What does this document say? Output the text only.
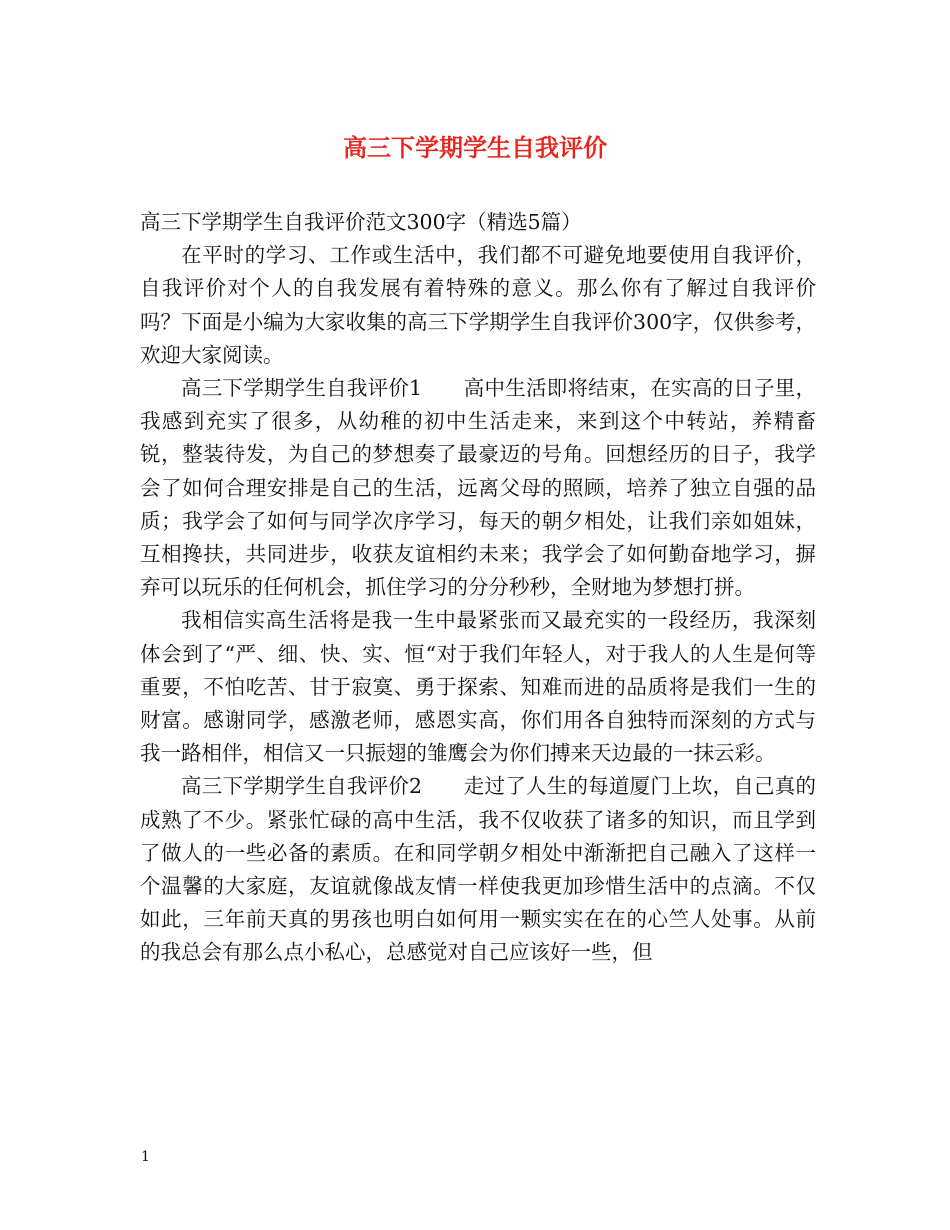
高三下学期学生自我评价

高三下学期学生自我评价范文300字（精选5篇）

在平时的学习、工作或生活中，我们都不可避免地要使用自我评价，自我评价对个人的自我发展有着特殊的意义。那么你有了解过自我评价吗？下面是小编为大家收集的高三下学期学生自我评价300字，仅供参考，欢迎大家阅读。

高三下学期学生自我评价1　　高中生活即将结束，在实高的日子里，我感到充实了很多，从幼稚的初中生活走来，来到这个中转站，养精畜锐，整装待发，为自己的梦想奏了最豪迈的号角。回想经历的日子，我学会了如何合理安排是自己的生活，远离父母的照顾，培养了独立自强的品质；我学会了如何与同学次序学习，每天的朝夕相处，让我们亲如姐妹，互相搀扶，共同进步，收获友谊相约未来；我学会了如何勤奋地学习，摒弃可以玩乐的任何机会，抓住学习的分分秒秒，全财地为梦想打拼。

我相信实高生活将是我一生中最紧张而又最充实的一段经历，我深刻体会到了“严、细、快、实、恒“对于我们年轻人，对于我人的人生是何等重要，不怕吃苦、甘于寂寞、勇于探索、知难而进的品质将是我们一生的财富。感谢同学，感激老师，感恩实高，你们用各自独特而深刻的方式与我一路相伴，相信又一只振翅的雏鹰会为你们搏来天边最的一抹云彩。

高三下学期学生自我评价2　　走过了人生的每道厦门上坎，自己真的成熟了不少。紧张忙碌的高中生活，我不仅收获了诸多的知识，而且学到了做人的一些必备的素质。在和同学朝夕相处中渐渐把自己融入了这样一个温馨的大家庭，友谊就像战友情一样使我更加珍惜生活中的点滴。不仅如此，三年前天真的男孩也明白如何用一颗实实在在的心竺人处事。从前的我总会有那么点小私心，总感觉对自己应该好一些，但

1
